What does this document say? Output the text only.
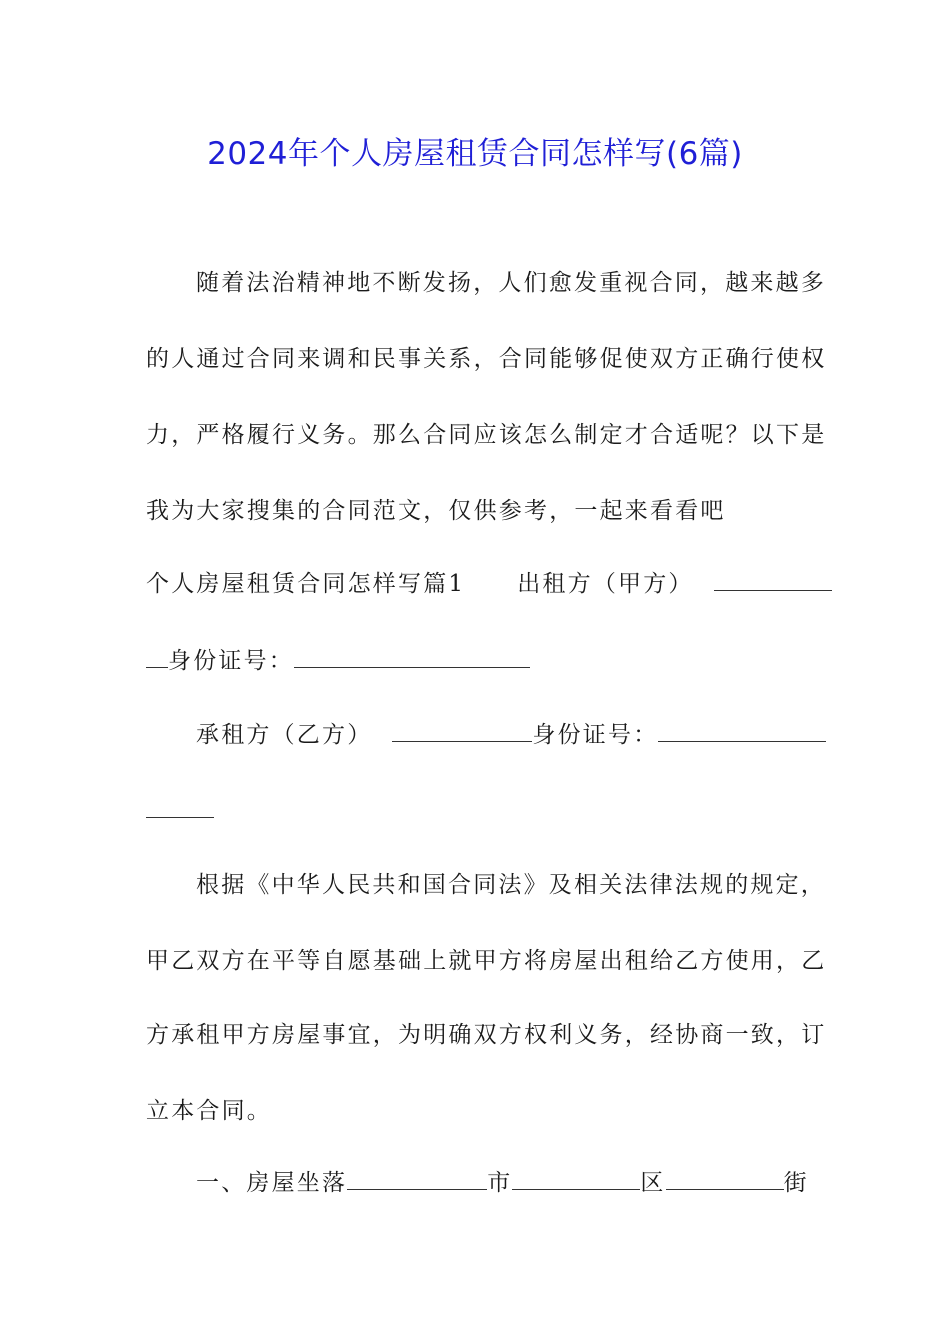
2024年个人房屋租赁合同怎样写(6篇)
随着法治精神地不断发扬，人们愈发重视合同，越来越多
的人通过合同来调和民事关系，合同能够促使双方正确行使权
力，严格履行义务。那么合同应该怎么制定才合适呢？以下是
我为大家搜集的合同范文，仅供参考，一起来看看吧
个人房屋租赁合同怎样写篇1 出租方（甲方）
身份证号：
承租方（乙方）	身份证号：
根据《中华人民共和国合同法》及相关法律法规的规定，
甲乙双方在平等自愿基础上就甲方将房屋出租给乙方使用，乙
方承租甲方房屋事宜，为明确双方权利义务，经协商一致，订
立本合同。
一、房屋坐落	市	区	街
